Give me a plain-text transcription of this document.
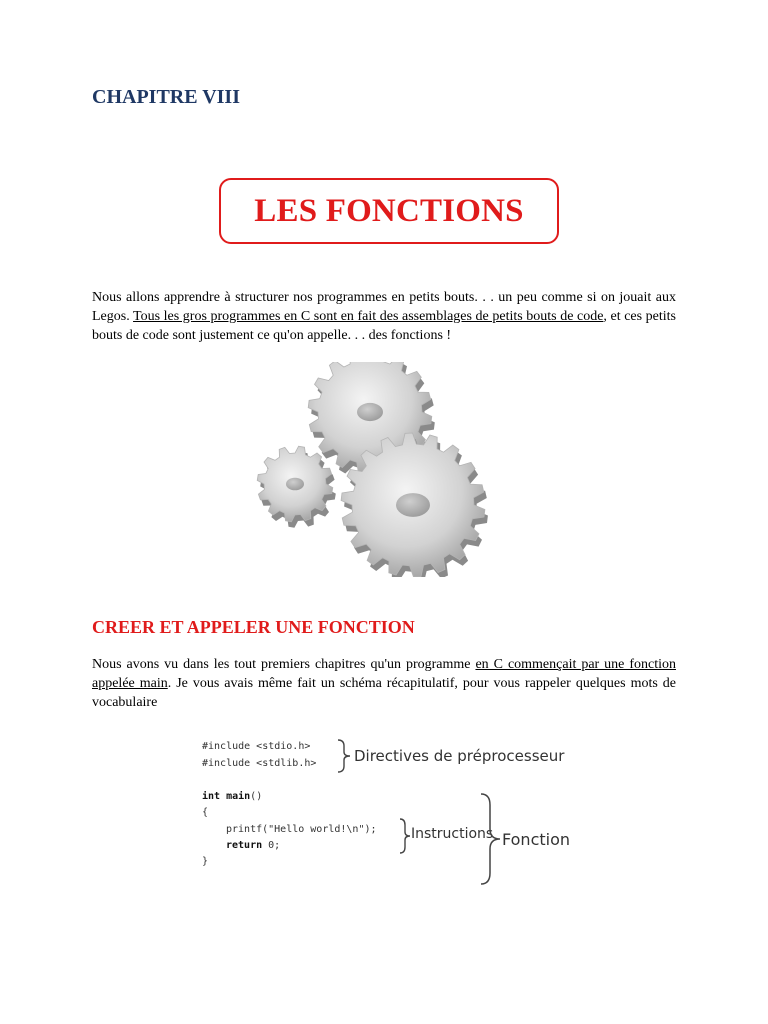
CHAPITRE VIII
LES FONCTIONS

Nous allons apprendre à structurer nos programmes en petits bouts. . . un peu comme si on jouait aux Legos. Tous les gros programmes en C sont en fait des assemblages de petits bouts de code, et ces petits bouts de code sont justement ce qu'on appelle. . . des fonctions !

CREER ET APPELER UNE FONCTION

Nous avons vu dans les tout premiers chapitres qu'un programme en C commençait par une fonction appelée main. Je vous avais même fait un schéma récapitulatif, pour vous rappeler quelques mots de vocabulaire

#include <stdio.h>
#include <stdlib.h>
int main()
{
printf("Hello world!\n");
return 0;
}
Directives de préprocesseur
Instructions Fonction
